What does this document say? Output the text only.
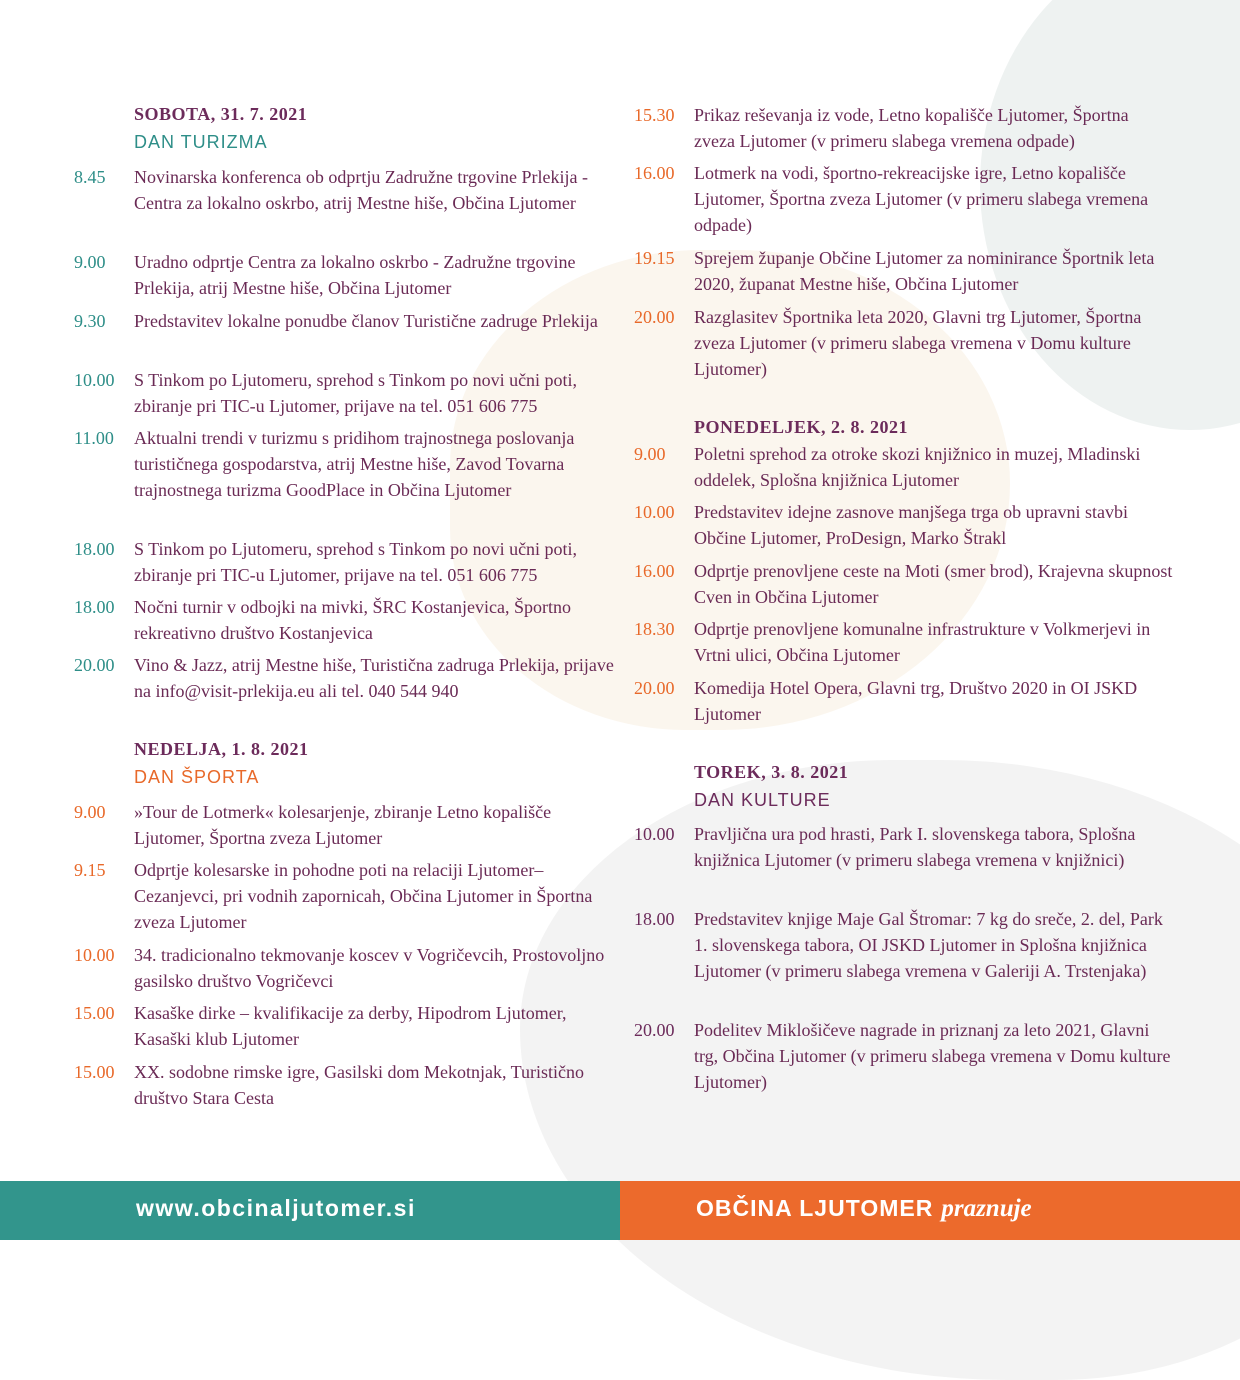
SOBOTA, 31. 7. 2021
DAN TURIZMA
8.45 Novinarska konferenca ob odprtju Zadružne trgovine Prlekija - Centra za lokalno oskrbo, atrij Mestne hiše, Občina Ljutomer
9.00 Uradno odprtje Centra za lokalno oskrbo - Zadružne trgovine Prlekija, atrij Mestne hiše, Občina Ljutomer
9.30 Predstavitev lokalne ponudbe članov Turistične zadruge Prlekija
10.00 S Tinkom po Ljutomeru, sprehod s Tinkom po novi učni poti, zbiranje pri TIC-u Ljutomer, prijave na tel. 051 606 775
11.00 Aktualni trendi v turizmu s pridihom trajnostnega poslovanja turističnega gospodarstva, atrij Mestne hiše, Zavod Tovarna trajnostnega turizma GoodPlace in Občina Ljutomer
18.00 S Tinkom po Ljutomeru, sprehod s Tinkom po novi učni poti, zbiranje pri TIC-u Ljutomer, prijave na tel. 051 606 775
18.00 Nočni turnir v odbojki na mivki, ŠRC Kostanjevica, Športno rekreativno društvo Kostanjevica
20.00 Vino & Jazz, atrij Mestne hiše, Turistična zadruga Prlekija, prijave na info@visit-prlekija.eu ali tel. 040 544 940
NEDELJA, 1. 8. 2021
DAN ŠPORTA
9.00 »Tour de Lotmerk« kolesarjenje, zbiranje Letno kopališče Ljutomer, Športna zveza Ljutomer
9.15 Odprtje kolesarske in pohodne poti na relaciji Ljutomer–Cezanjevci, pri vodnih zapornicah, Občina Ljutomer in Športna zveza Ljutomer
10.00 34. tradicionalno tekmovanje koscev v Vogričevcih, Prostovoljno gasilsko društvo Vogričevci
15.00 Kasaške dirke – kvalifikacije za derby, Hipodrom Ljutomer, Kasaški klub Ljutomer
15.00 XX. sodobne rimske igre, Gasilski dom Mekotnjak, Turistično društvo Stara Cesta
15.30 Prikaz reševanja iz vode, Letno kopališče Ljutomer, Športna zveza Ljutomer (v primeru slabega vremena odpade)
16.00 Lotmerk na vodi, športno-rekreacijske igre, Letno kopališče Ljutomer, Športna zveza Ljutomer (v primeru slabega vremena odpade)
19.15 Sprejem županje Občine Ljutomer za nominirance Športnik leta 2020, županat Mestne hiše, Občina Ljutomer
20.00 Razglasitev Športnika leta 2020, Glavni trg Ljutomer, Športna zveza Ljutomer (v primeru slabega vremena v Domu kulture Ljutomer)
PONEDELJEK, 2. 8. 2021
9.00 Poletni sprehod za otroke skozi knjižnico in muzej, Mladinski oddelek, Splošna knjižnica Ljutomer
10.00 Predstavitev idejne zasnove manjšega trga ob upravni stavbi Občine Ljutomer, ProDesign, Marko Štrakl
16.00 Odprtje prenovljene ceste na Moti (smer brod), Krajevna skupnost Cven in Občina Ljutomer
18.30 Odprtje prenovljene komunalne infrastrukture v Volkmerjevi in Vrtni ulici, Občina Ljutomer
20.00 Komedija Hotel Opera, Glavni trg, Društvo 2020 in OI JSKD Ljutomer
TOREK, 3. 8. 2021
DAN KULTURE
10.00 Pravljična ura pod hrasti, Park I. slovenskega tabora, Splošna knjižnica Ljutomer (v primeru slabega vremena v knjižnici)
18.00 Predstavitev knjige Maje Gal Štromar: 7 kg do sreče, 2. del, Park 1. slovenskega tabora, OI JSKD Ljutomer in Splošna knjižnica Ljutomer (v primeru slabega vremena v Galeriji A. Trstenjaka)
20.00 Podelitev Miklošičeve nagrade in priznanj za leto 2021, Glavni trg, Občina Ljutomer (v primeru slabega vremena v Domu kulture Ljutomer)
www.obcinaljutomer.si	OBČINA LJUTOMER praznuje
